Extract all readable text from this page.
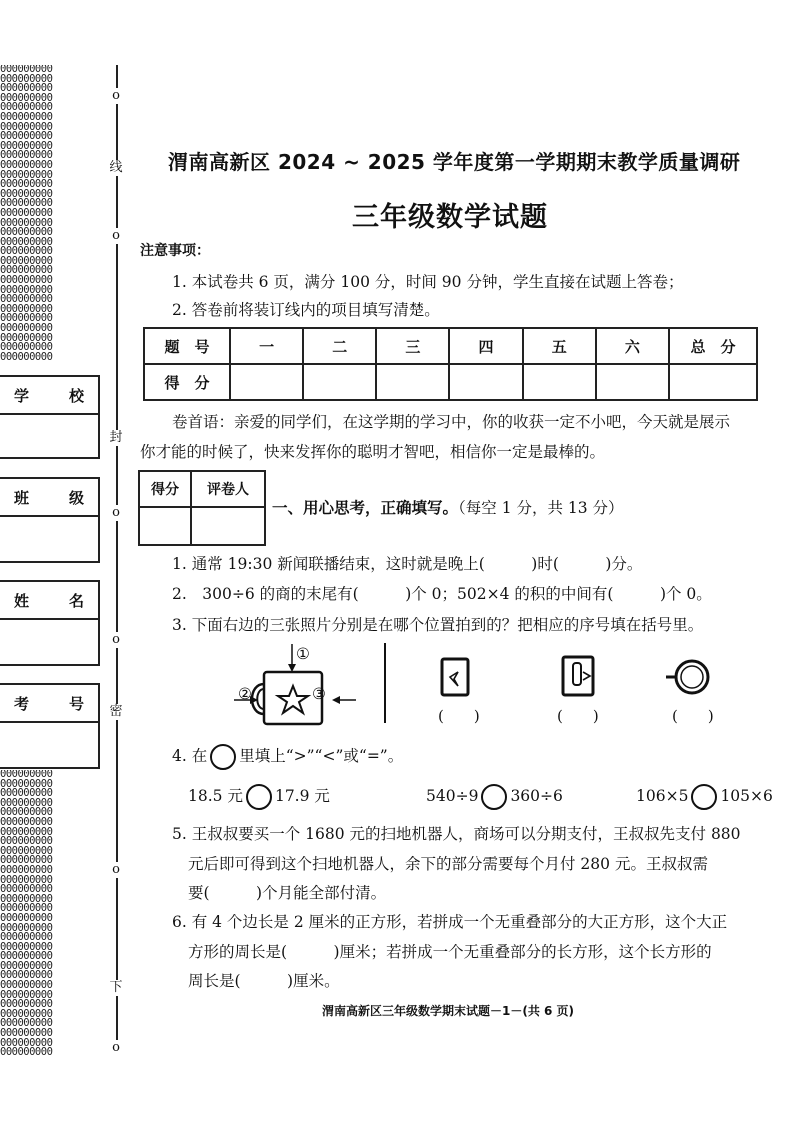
000000000
000000000
000000000
000000000
000000000
000000000
000000000
000000000
000000000
000000000
000000000
000000000
000000000
000000000
000000000
000000000
000000000
000000000
000000000
000000000
000000000
000000000
000000000
000000000
000000000
000000000
000000000
000000000
000000000
000000000
000000000
000000000
000000000
000000000
000000000
000000000
000000000
000000000
000000000
000000000
000000000
000000000
000000000
000000000
000000000
000000000
000000000
000000000
000000000
000000000
000000000
000000000
000000000
000000000
000000000
000000000
000000000
000000000
000000000
000000000
000000000
o
线
o
封
o
o
密
o
下
o
学	校
班	级
姓	名
考	号
渭南高新区 2024 ~ 2025 学年度第一学期期末教学质量调研
三年级数学试题
注意事项：
1. 本试卷共 6 页，满分 100 分，时间 90 分钟，学生直接在试题上答卷；
2. 答卷前将装订线内的项目填写清楚。
题　号	一	二	三	四	五	六	总　分
得　分							
卷首语：亲爱的同学们，在这学期的学习中，你的收获一定不小吧，今天就是展示
你才能的时候了，快来发挥你的聪明才智吧，相信你一定是最棒的。
得分	评卷人

一、用心思考，正确填写。（每空 1 分，共 13 分）
1. 通常 19:30 新闻联播结束，这时就是晚上(　　　)时(　　　)分。
2.　300÷6 的商的末尾有(　　　)个 0；502×4 的积的中间有(　　　)个 0。
3. 下面右边的三张照片分别是在哪个位置拍到的？把相应的序号填在括号里。
①
②	③
(　　)	(　　)	(　　)
4. 在 里填上“>”“<”或“=”。
18.5 元 17.9 元	540÷9 360÷6	106×5 105×6
5. 王叔叔要买一个 1680 元的扫地机器人，商场可以分期支付，王叔叔先支付 880
元后即可得到这个扫地机器人，余下的部分需要每个月付 280 元。王叔叔需
要(　　　)个月能全部付清。
6. 有 4 个边长是 2 厘米的正方形，若拼成一个无重叠部分的大正方形，这个大正
方形的周长是(　　　)厘米；若拼成一个无重叠部分的长方形，这个长方形的
周长是(　　　)厘米。
渭南高新区三年级数学期末试题－1－(共 6 页)
